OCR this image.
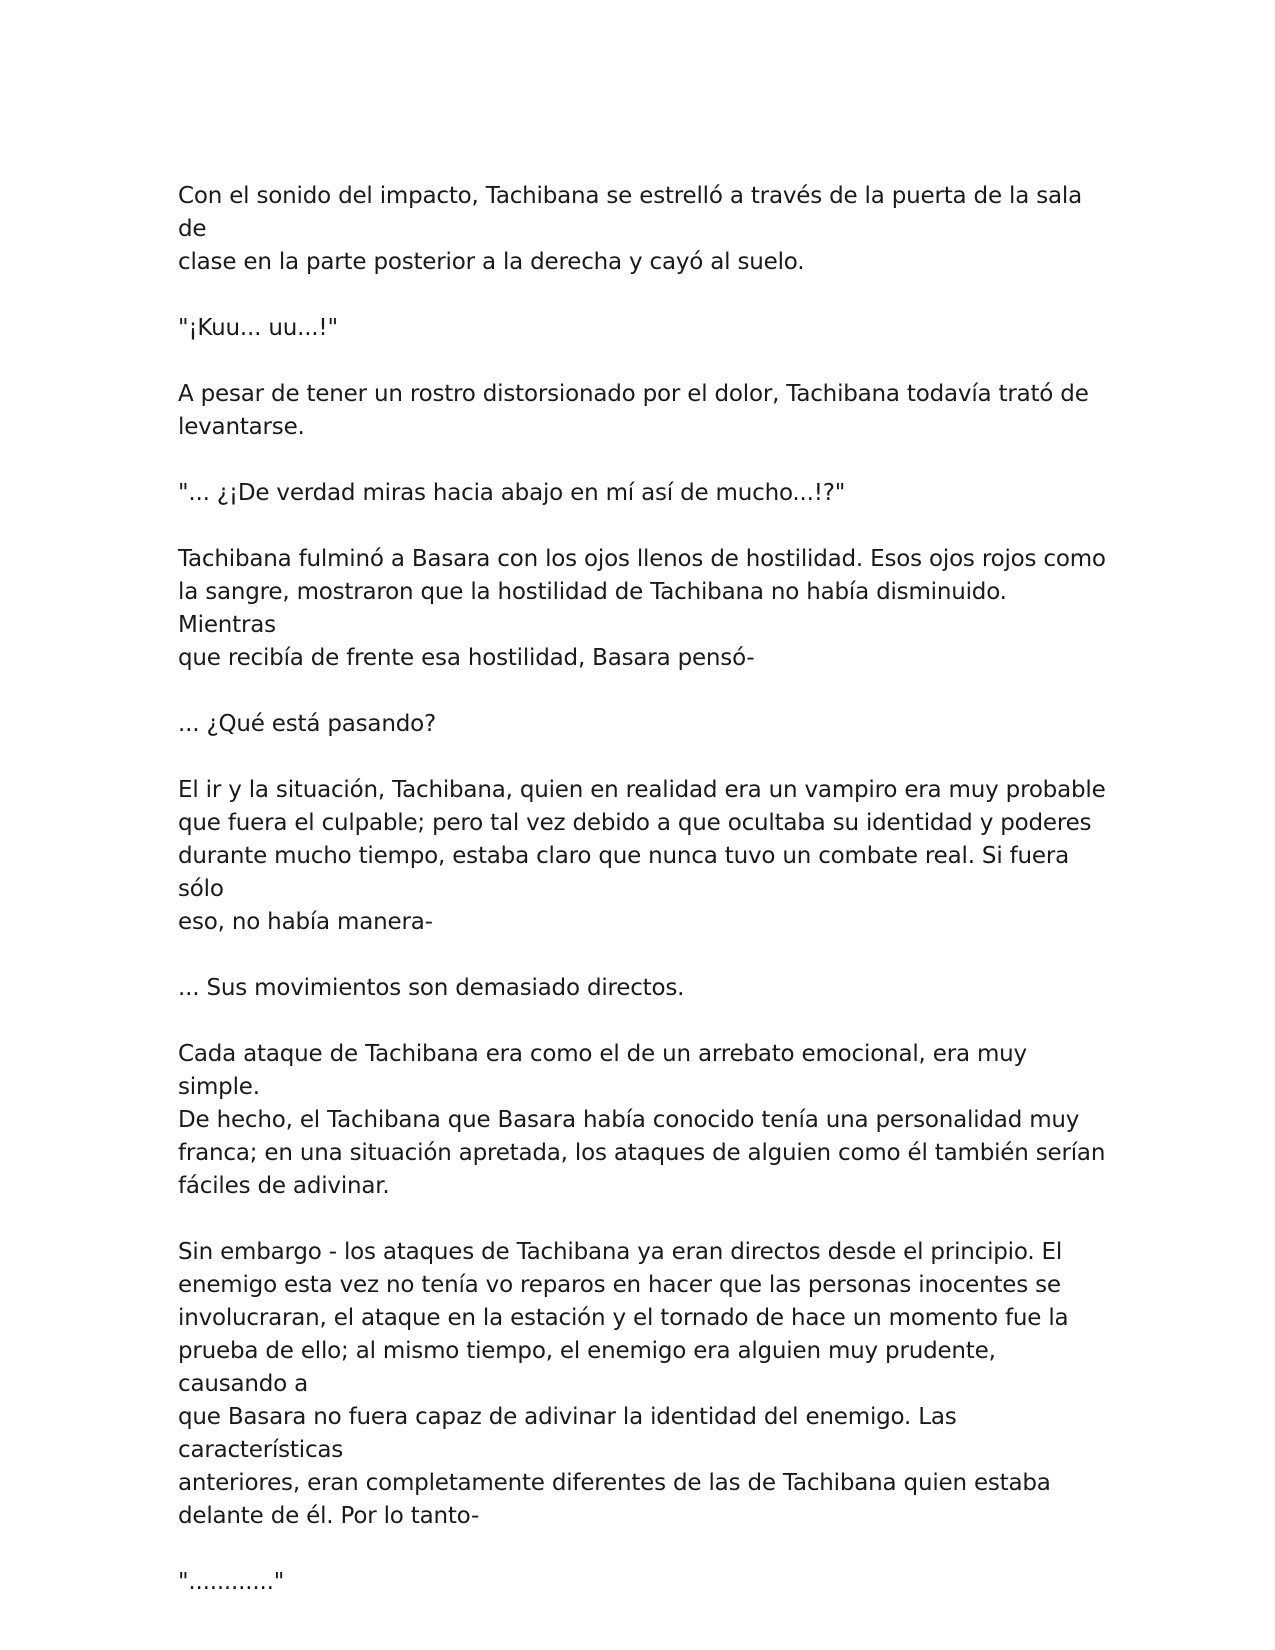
Con el sonido del impacto, Tachibana se estrelló a través de la puerta de la sala de
clase en la parte posterior a la derecha y cayó al suelo.

"¡Kuu... uu...!"

A pesar de tener un rostro distorsionado por el dolor, Tachibana todavía trató de
levantarse.

"... ¿¡De verdad miras hacia abajo en mí así de mucho...!?"

Tachibana fulminó a Basara con los ojos llenos de hostilidad. Esos ojos rojos como
la sangre, mostraron que la hostilidad de Tachibana no había disminuido. Mientras
que recibía de frente esa hostilidad, Basara pensó-

... ¿Qué está pasando?

El ir y la situación, Tachibana, quien en realidad era un vampiro era muy probable
que fuera el culpable; pero tal vez debido a que ocultaba su identidad y poderes
durante mucho tiempo, estaba claro que nunca tuvo un combate real. Si fuera sólo
eso, no había manera-

... Sus movimientos son demasiado directos.

Cada ataque de Tachibana era como el de un arrebato emocional, era muy simple.
De hecho, el Tachibana que Basara había conocido tenía una personalidad muy
franca; en una situación apretada, los ataques de alguien como él también serían
fáciles de adivinar.

Sin embargo - los ataques de Tachibana ya eran directos desde el principio. El
enemigo esta vez no tenía vo reparos en hacer que las personas inocentes se
involucraran, el ataque en la estación y el tornado de hace un momento fue la
prueba de ello; al mismo tiempo, el enemigo era alguien muy prudente, causando a
que Basara no fuera capaz de adivinar la identidad del enemigo. Las características
anteriores, eran completamente diferentes de las de Tachibana quien estaba
delante de él. Por lo tanto-

"............"
